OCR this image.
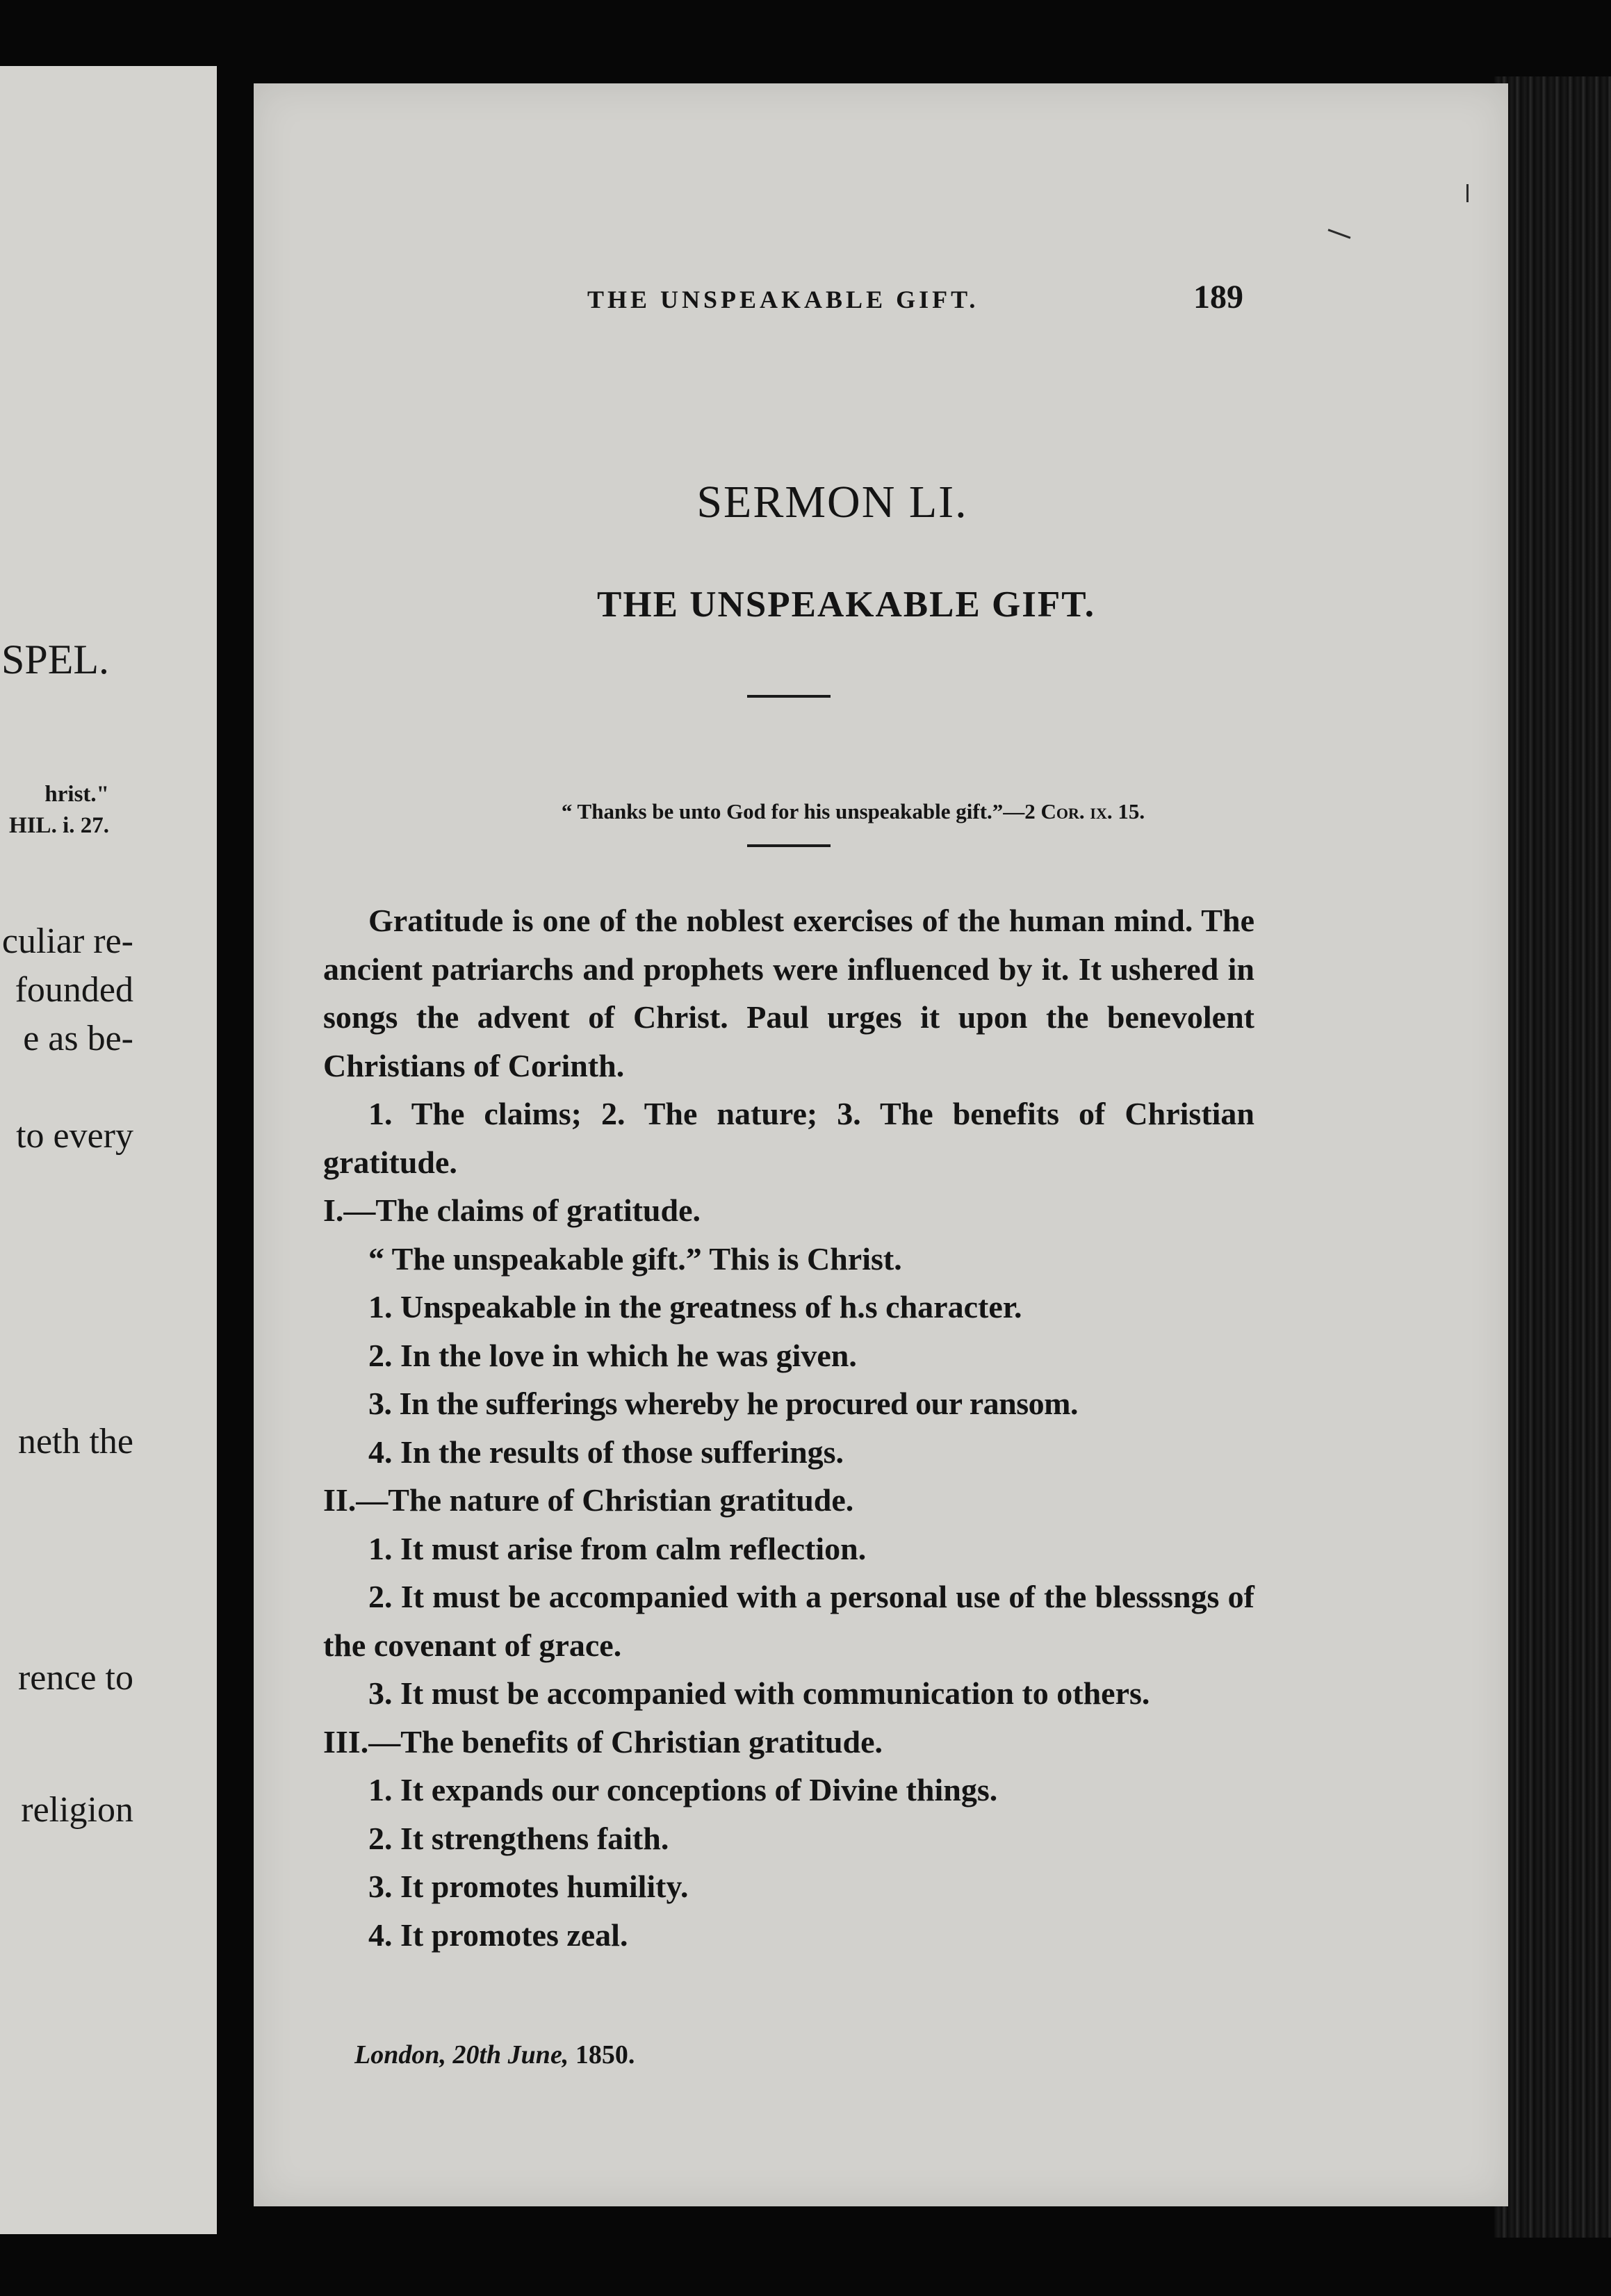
SPEL.
hrist."
HIL. i. 27.
culiar re-
founded
e as be-
to every
neth the
rence to
religion
THE UNSPEAKABLE GIFT.	189
SERMON LI.
THE UNSPEAKABLE GIFT.
“ Thanks be unto God for his unspeakable gift.”—2 Cor. ix. 15.

Gratitude is one of the noblest exercises of the human mind. The ancient patriarchs and prophets were influenced by it. It ushered in songs the advent of Christ. Paul urges it upon the benevolent Christians of Corinth.

1. The claims; 2. The nature; 3. The benefits of Christian gratitude.

I.—The claims of gratitude.

“ The unspeakable gift.” This is Christ.

1. Unspeakable in the greatness of h.s character.

2. In the love in which he was given.

3. In the sufferings whereby he procured our ransom.

4. In the results of those sufferings.

II.—The nature of Christian gratitude.

1. It must arise from calm reflection.

2. It must be accompanied with a personal use of the blesssngs of the covenant of grace.

3. It must be accompanied with communication to others.

III.—The benefits of Christian gratitude.

1. It expands our conceptions of Divine things.

2. It strengthens faith.

3. It promotes humility.

4. It promotes zeal.

London, 20th June, 1850.
